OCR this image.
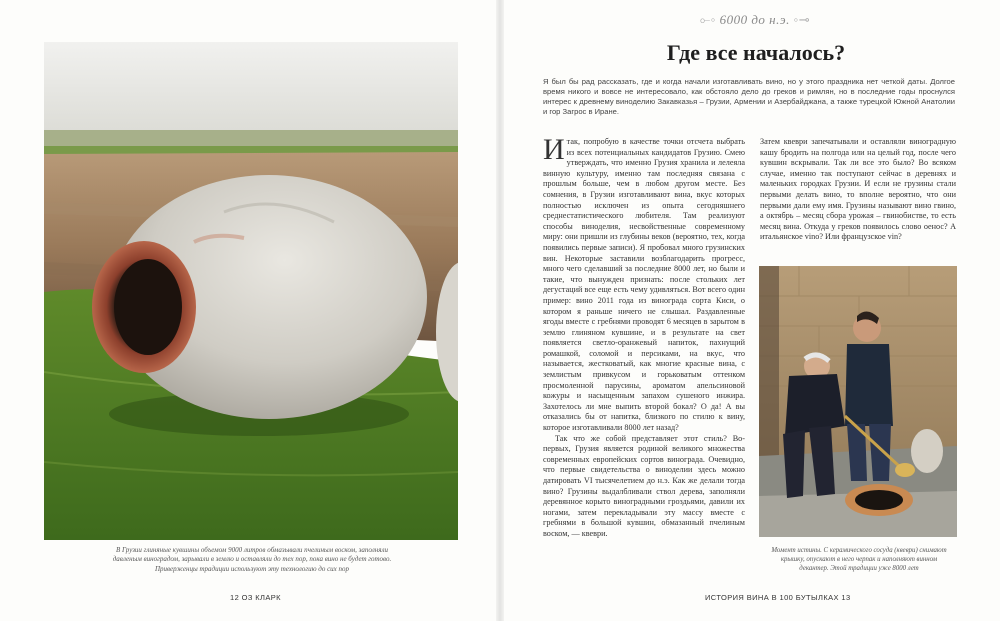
В Грузии глиняные кувшины объемом 9000 литров обмазывали пчелиным воском, заполняли давленым виноградом, зарывали в землю и оставляли до тех пор, пока вино не будет готово. Приверженцы традиции используют эту технологию до сих пор
12 ОЗ КЛАРК
⟜◦ 6000 до н.э. ◦⊸
Где все началось?
Я был бы рад рассказать, где и когда начали изготавливать вино, но у этого праздника нет четкой даты. Долгое время никого и вовсе не интересовало, как обстояло дело до греков и римлян, но в последние годы проснулся интерес к древнему виноделию Закавказья – Грузии, Армении и Азербайджана, а также турецкой Южной Анатолии и гор Загрос в Иране.

Итак, попробую в качестве точки отсчета выбрать из всех потенциальных кандидатов Грузию. Смею утверждать, что именно Грузия хранила и лелеяла винную культуру, именно там последняя связана с прошлым больше, чем в любом другом месте. Без сомнения, в Грузии изготавливают вина, вкус которых полностью исключен из опыта сегодняшнего среднестатистического любителя. Там реализуют способы виноделия, несвойственные современному миру: они пришли из глубины веков (вероятно, тех, когда появились первые записи). Я пробовал много грузинских вин. Некоторые заставили возблагодарить прогресс, много чего сделавший за последние 8000 лет, но были и такие, что вынужден признать: после стольких лет дегустаций все еще есть чему удивляться. Вот всего один пример: вино 2011 года из винограда сорта Киси, о котором я раньше ничего не слышал. Раздавленные ягоды вместе с гребнями проводят 6 месяцев в зарытом в землю глиняном кувшине, и в результате на свет появляется светло-оранжевый напиток, пахнущий ромашкой, соломой и персиками, на вкус, что называется, жестковатый, как многие красные вина, с землистым привкусом и горьковатым оттенком просмоленной парусины, ароматом апельсиновой кожуры и насыщенным запахом сушеного инжира. Захотелось ли мне выпить второй бокал? О да! А вы отказались бы от напитка, близкого по стилю к вину, которое изготавливали 8000 лет назад?

Так что же собой представляет этот стиль? Во-первых, Грузия является родиной великого множества современных европейских сортов винограда. Очевидно, что первые свидетельства о виноделии здесь можно датировать VI тысячелетием до н.э. Как же делали тогда вино? Грузины выдалбливали ствол дерева, заполняли деревянное корыто виноградными гроздьями, давили их ногами, затем перекладывали эту массу вместе с гребнями в большой кувшин, обмазанный пчелиным воском, — квеври.

Затем квеври запечатывали и оставляли виноградную кашу бродить на полгода или на целый год, после чего кувшин вскрывали. Так ли все это было? Во всяком случае, именно так поступают сейчас в деревнях и маленьких городках Грузии. И если не грузины стали первыми делать вино, то вполне вероятно, что они первыми дали ему имя. Грузины называют вино гвино, а октябрь – месяц сбора урожая – гвинобистве, то есть месяц вина. Откуда у греков появилось слово оенос? А итальянское vino? Или французское vin?

Момент истины. С керамического сосуда (квеври) снимают крышку, опускают в него черпак и наполняют винном декантер. Этой традиции уже 8000 лет
ИСТОРИЯ ВИНА В 100 БУТЫЛКАХ 13
